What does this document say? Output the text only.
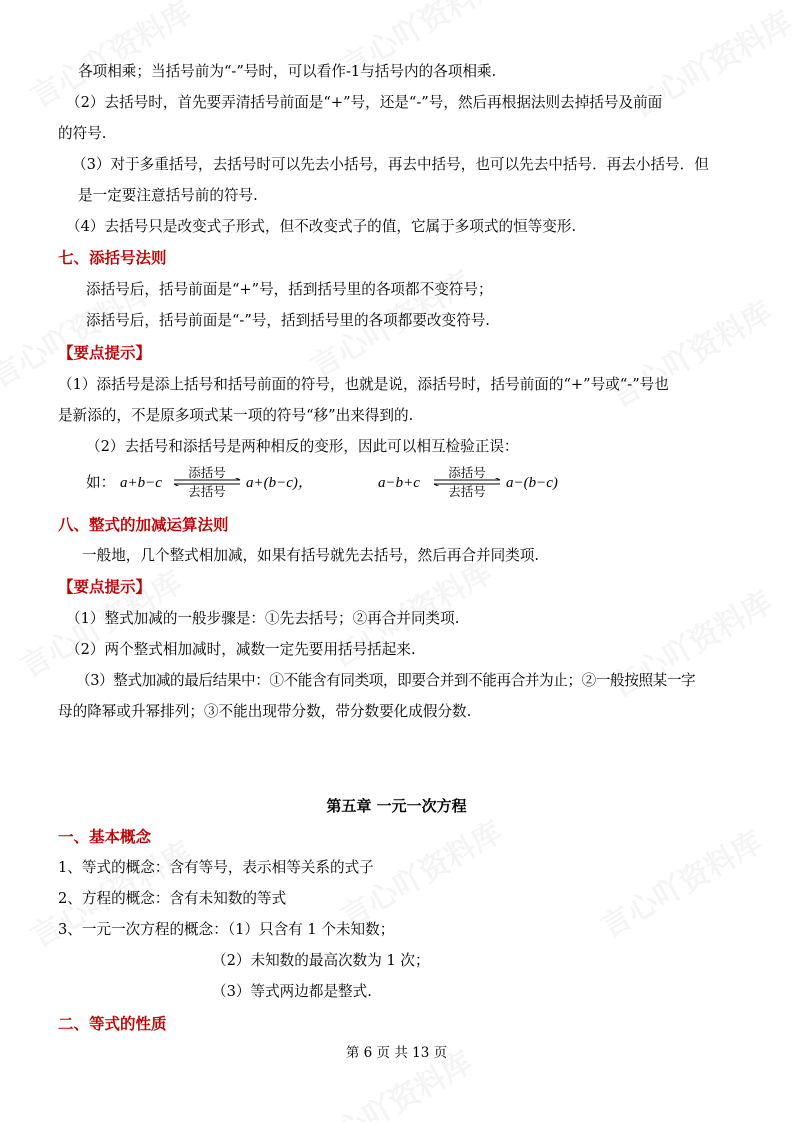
各项相乘；当括号前为“-”号时，可以看作-1与括号内的各项相乘.
（2）去括号时，首先要弄清括号前面是“+”号，还是“-”号，然后再根据法则去掉括号及前面
的符号.
（3）对于多重括号，去括号时可以先去小括号，再去中括号，也可以先去中括号．再去小括号．但
是一定要注意括号前的符号.
（4）去括号只是改变式子形式，但不改变式子的值，它属于多项式的恒等变形.
七、添括号法则
添括号后，括号前面是“+”号，括到括号里的各项都不变符号；
添括号后，括号前面是“-”号，括到括号里的各项都要改变符号.
【要点提示】
（1）添括号是添上括号和括号前面的符号，也就是说，添括号时，括号前面的“+”号或“-”号也
是新添的，不是原多项式某一项的符号“移”出来得到的.
（2）去括号和添括号是两种相反的变形，因此可以相互检验正误：
如： a+b−c
添括号
去括号
a+(b−c)，	a−b+c
添括号
去括号
a−(b−c)
八、整式的加减运算法则
一般地，几个整式相加减，如果有括号就先去括号，然后再合并同类项.
【要点提示】
（1）整式加减的一般步骤是：①先去括号；②再合并同类项.
（2）两个整式相加减时，减数一定先要用括号括起来.
（3）整式加减的最后结果中：①不能含有同类项，即要合并到不能再合并为止；②一般按照某一字
母的降幂或升幂排列；③不能出现带分数，带分数要化成假分数.
第五章 一元一次方程
一、基本概念
1、等式的概念：含有等号，表示相等关系的式子
2、方程的概念：含有未知数的等式
3、一元一次方程的概念：（1）只含有 1 个未知数；
（2）未知数的最高次数为 1 次；
（3）等式两边都是整式.
二、等式的性质
第 6 页 共 13 页
